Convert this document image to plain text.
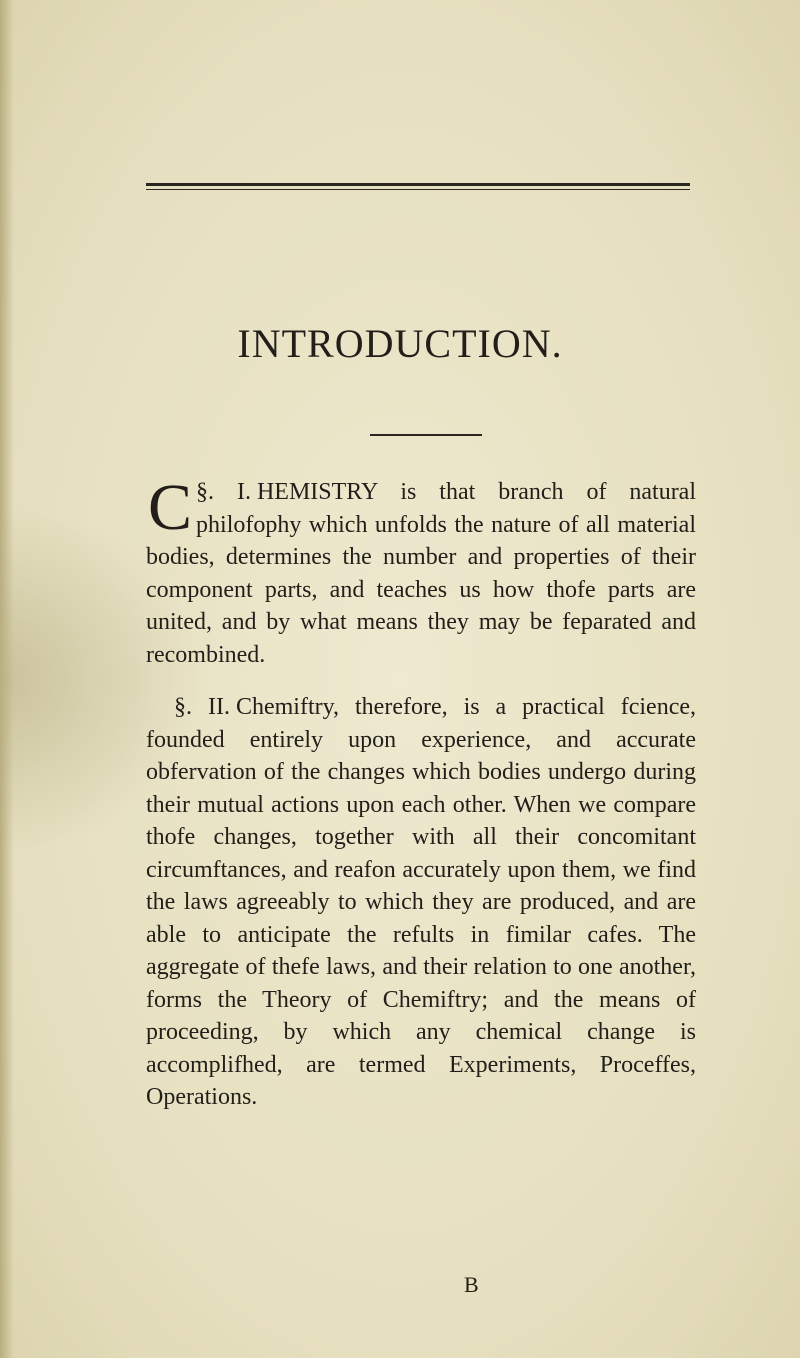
INTRODUCTION.

§. I.
C	HEMISTRY is that branch of natural philofophy which unfolds the nature of all material bodies, determines the number and properties of their component parts, and teaches us how thofe parts are united, and by what means they may be feparated and recombined.

§. II. Chemiftry, therefore, is a practical fcience, founded entirely upon experience, and accurate obfervation of the changes which bodies undergo during their mutual actions upon each other. When we compare thofe changes, together with all their concomitant circumftances, and reafon accurately upon them, we find the laws agreeably to which they are produced, and are able to anticipate the refults in fimilar cafes. The aggregate of thefe laws, and their relation to one another, forms the Theory of Chemiftry; and the means of proceeding, by which any chemical change is accomplifhed, are termed Experiments, Proceffes, Operations.

B
